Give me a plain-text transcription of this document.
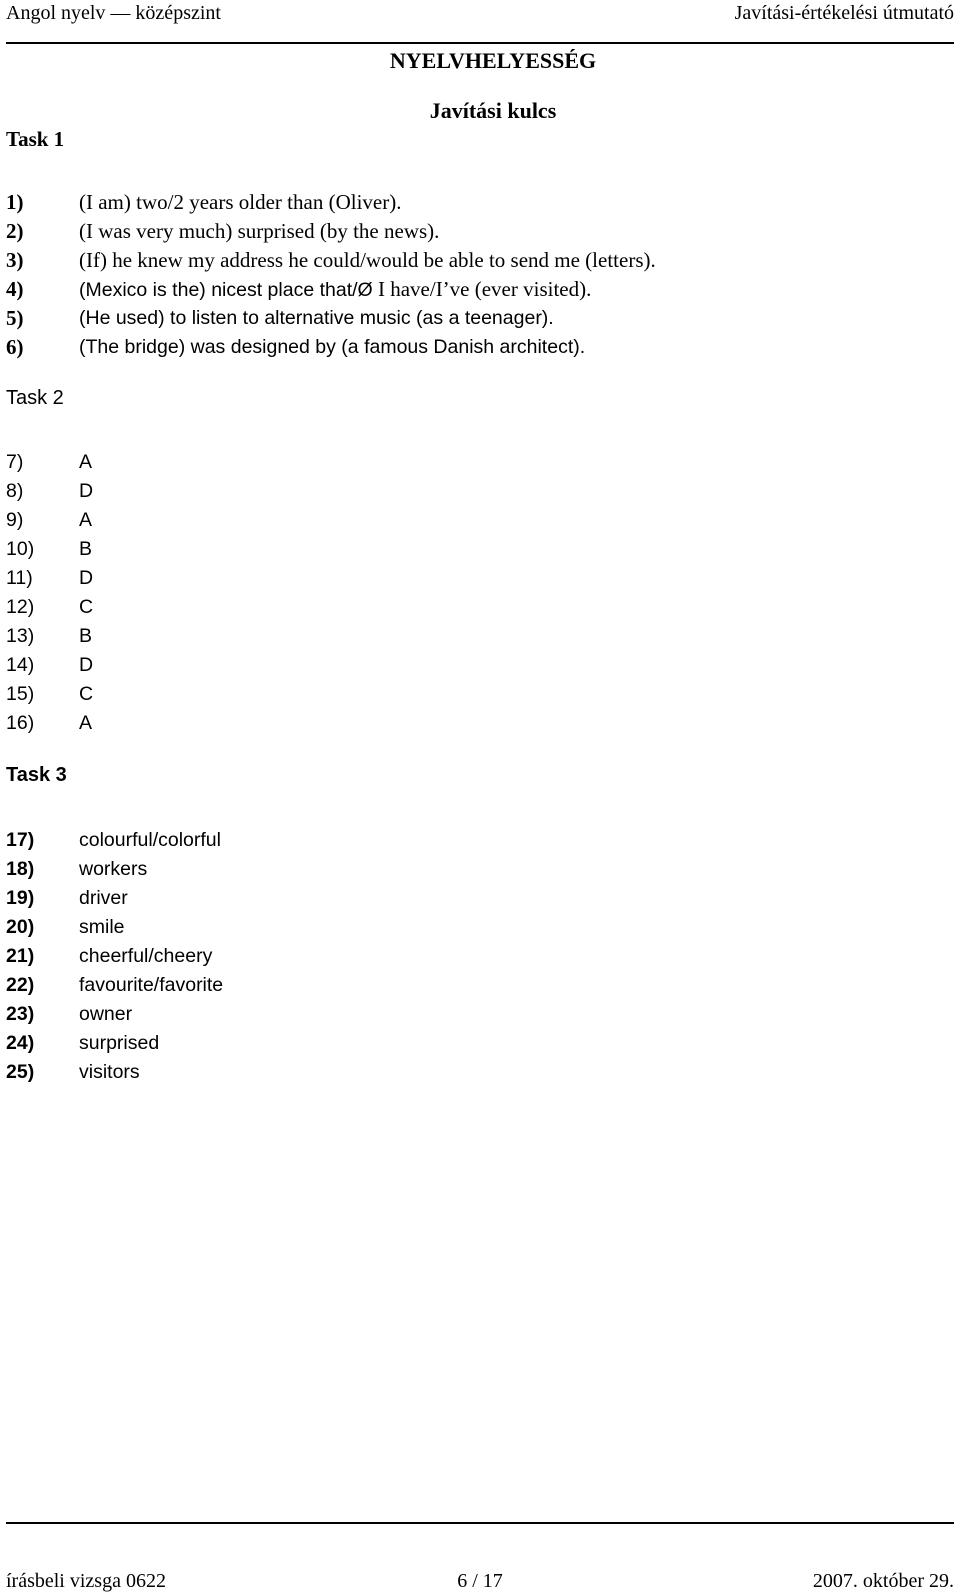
Angol nyelv — középszint	Javítási-értékelési útmutató
NYELVHELYESSÉG
Javítási kulcs
Task 1
1)	(I am) two/2 years older than (Oliver).
2)	(I was very much) surprised (by the news).
3)	(If) he knew my address he could/would be able to send me (letters).
4)	(Mexico is the) nicest place that/Ø I have/I’ve (ever visited).
5)	(He used) to listen to alternative music (as a teenager).
6)	(The bridge) was designed by (a famous Danish architect).
Task 2
7)	A
8)	D
9)	A
10)	B
11)	D
12)	C
13)	B
14)	D
15)	C
16)	A
Task 3
17)	colourful/colorful
18)	workers
19)	driver
20)	smile
21)	cheerful/cheery
22)	favourite/favorite
23)	owner
24)	surprised
25)	visitors
írásbeli vizsga 0622	6 / 17	2007. október 29.
